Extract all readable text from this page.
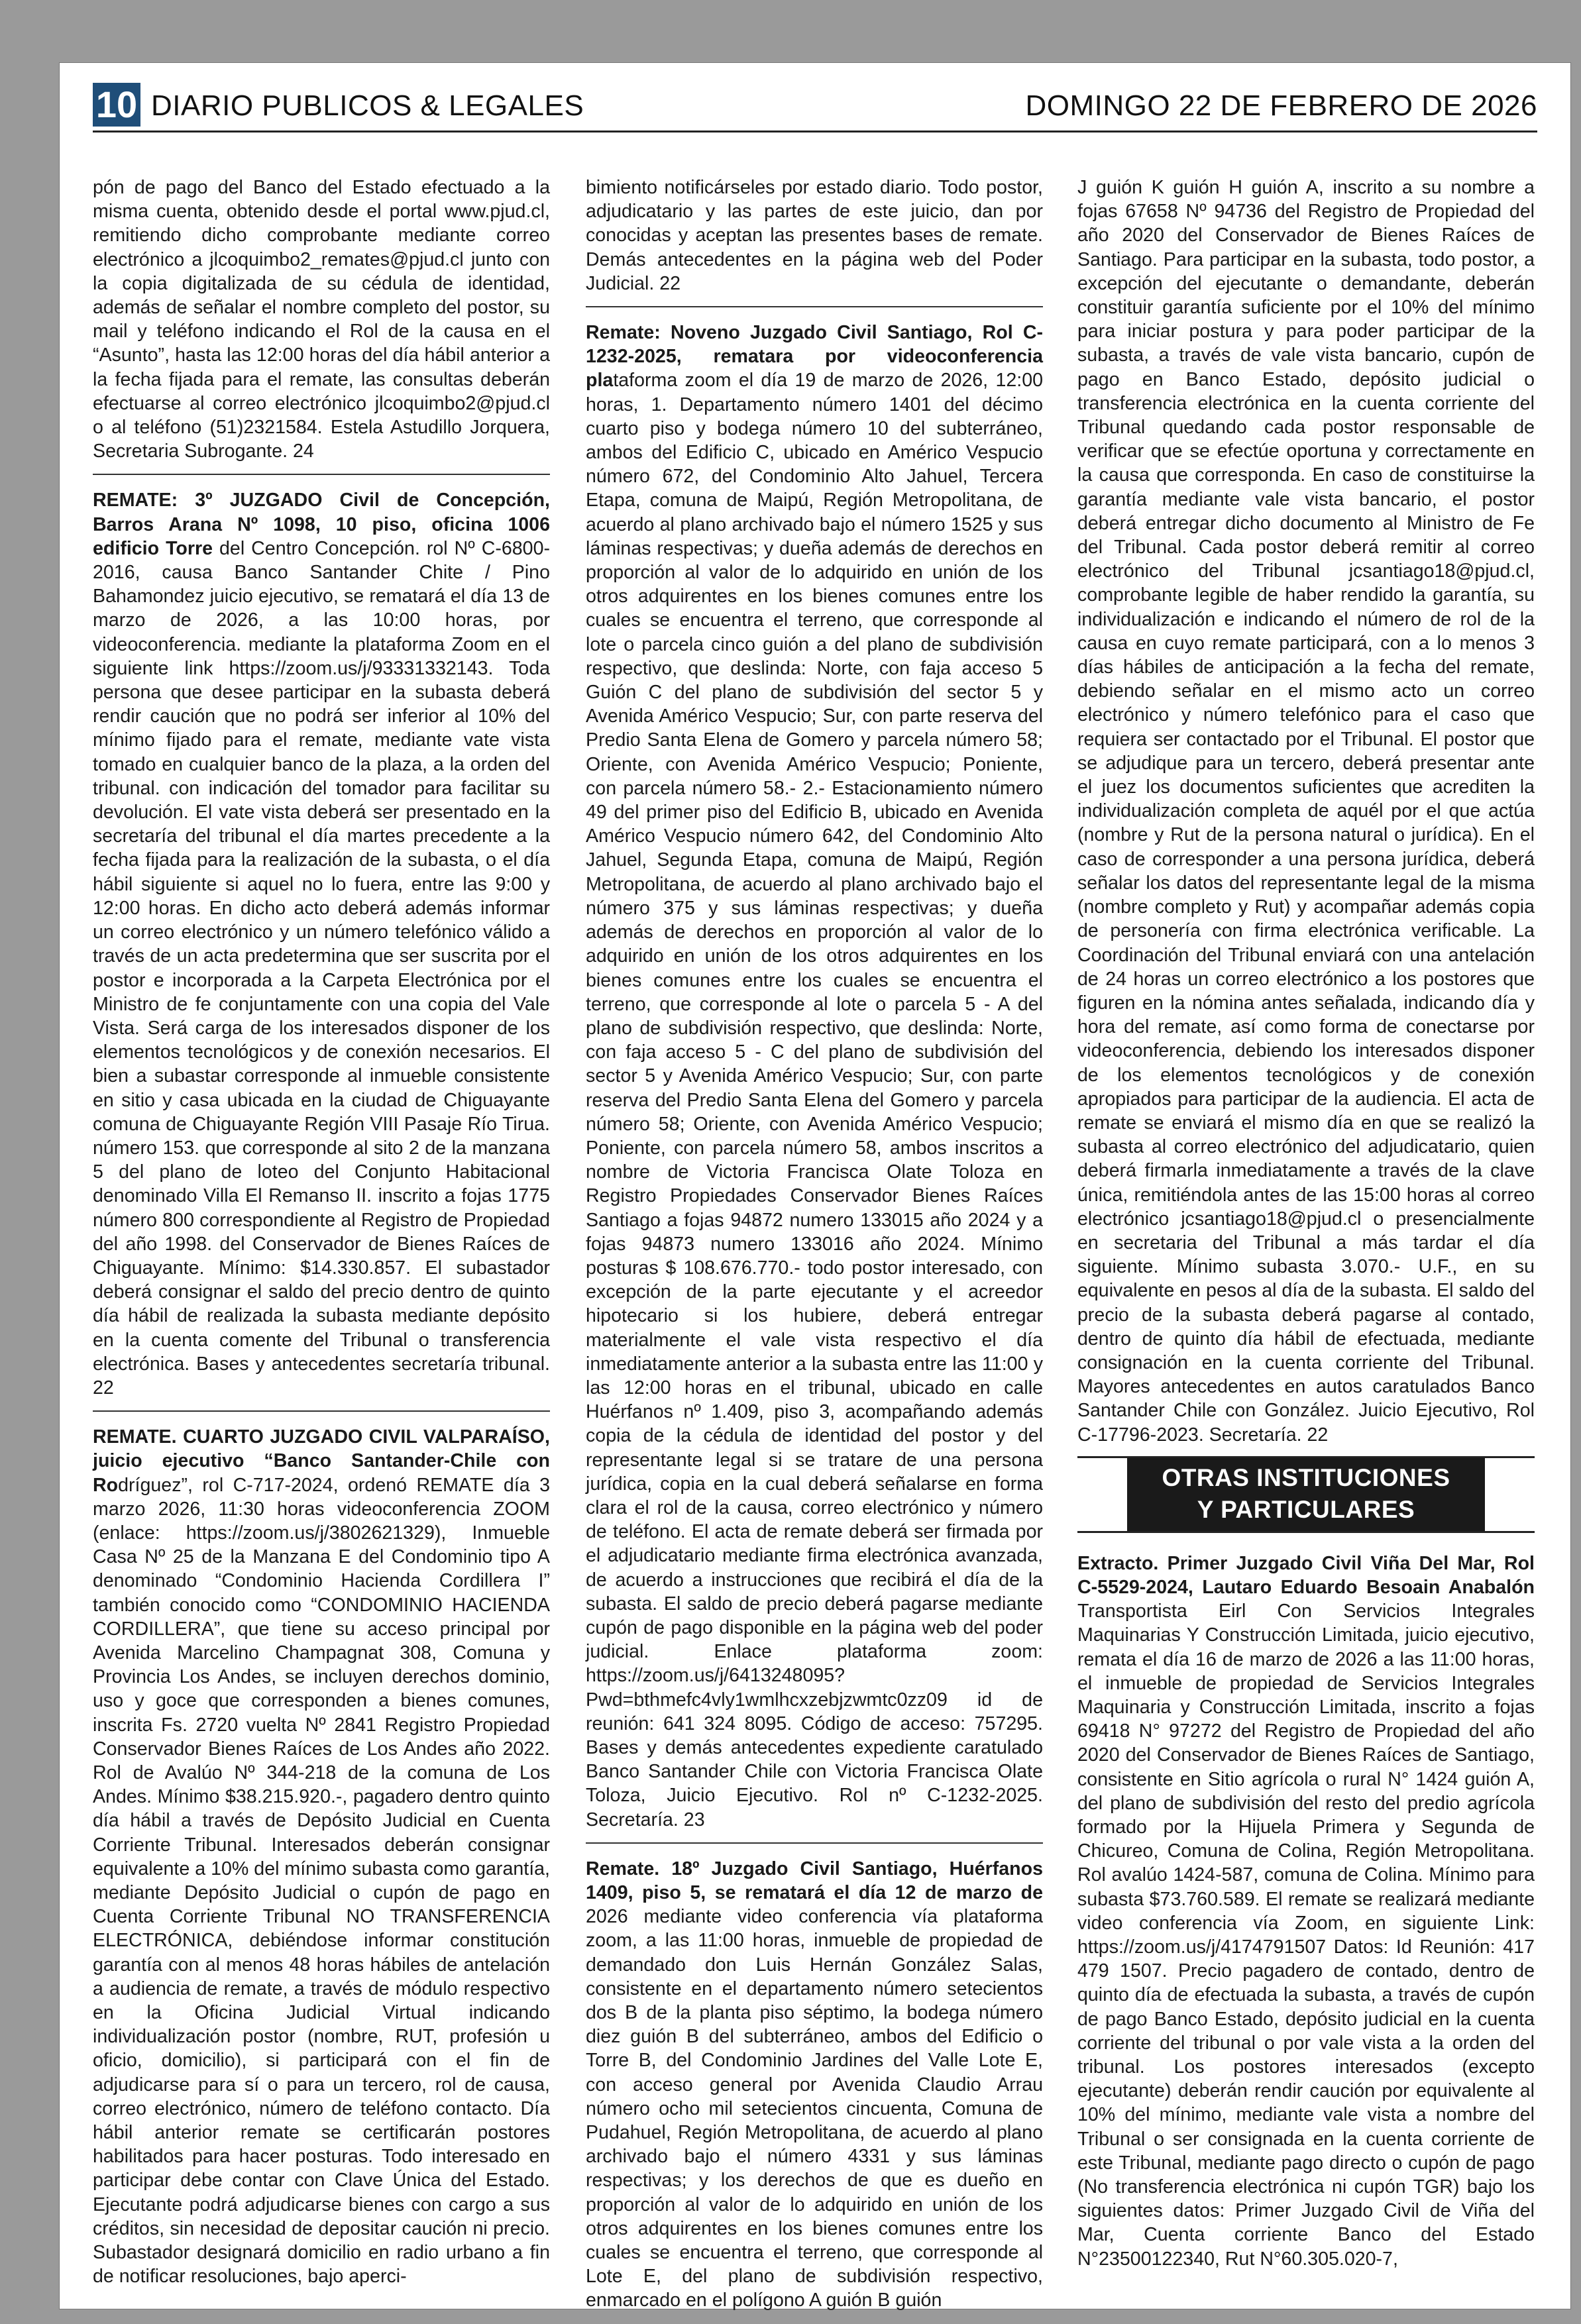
10 DIARIO PUBLICOS & LEGALES	DOMINGO 22 DE FEBRERO DE 2026

pón de pago del Banco del Estado efectuado a la misma cuenta, obtenido desde el portal www.pjud.cl, remitiendo dicho comprobante mediante correo electrónico a jlcoquimbo2_remates@pjud.cl junto con la copia digitalizada de su cédula de identidad, además de señalar el nombre completo del postor, su mail y teléfono indicando el Rol de la causa en el “Asunto”, hasta las 12:00 horas del día hábil anterior a la fecha fijada para el remate, las consultas deberán efectuarse al correo electrónico jlcoquimbo2@pjud.cl o al teléfono (51)2321584. Estela Astudillo Jorquera, Secretaria Subrogante. 24

REMATE: 3º JUZGADO Civil de Concepción, Barros Arana Nº 1098, 10 piso, oficina 1006 edificio Torre del Centro Concepción. rol Nº C-6800-2016, causa Banco Santander Chite / Pino Bahamondez juicio ejecutivo, se rematará el día 13 de marzo de 2026, a las 10:00 horas, por videoconferencia. mediante la plataforma Zoom en el siguiente link https://zoom.us/j/93331332143. Toda persona que desee participar en la subasta deberá rendir caución que no podrá ser inferior al 10% del mínimo fijado para el remate, mediante vate vista tomado en cualquier banco de la plaza, a la orden del tribunal. con indicación del tomador para facilitar su devolución. El vate vista deberá ser presentado en la secretaría del tribunal el día martes precedente a la fecha fijada para la realización de la subasta, o el día hábil siguiente si aquel no lo fuera, entre las 9:00 y 12:00 horas. En dicho acto deberá además informar un correo electrónico y un número telefónico válido a través de un acta predetermina que ser suscrita por el postor e incorporada a la Carpeta Electrónica por el Ministro de fe conjuntamente con una copia del Vale Vista. Será carga de los interesados disponer de los elementos tecnológicos y de conexión necesarios. El bien a subastar corresponde al inmueble consistente en sitio y casa ubicada en la ciudad de Chiguayante comuna de Chiguayante Región VIII Pasaje Río Tirua. número 153. que corresponde al sito 2 de la manzana 5 del plano de loteo del Conjunto Habitacional denominado Villa El Remanso II. inscrito a fojas 1775 número 800 correspondiente al Registro de Propiedad del año 1998. del Conservador de Bienes Raíces de Chiguayante. Mínimo: $14.330.857. El subastador deberá consignar el saldo del precio dentro de quinto día hábil de realizada la subasta mediante depósito en la cuenta comente del Tribunal o transferencia electrónica. Bases y antecedentes secretaría tribunal. 22

REMATE. CUARTO JUZGADO CIVIL VALPARAÍSO, juicio ejecutivo “Banco Santander-Chile con Rodríguez”, rol C-717-2024, ordenó REMATE día 3 marzo 2026, 11:30 horas videoconferencia ZOOM (enlace: https://zoom.us/j/3802621329), Inmueble Casa Nº 25 de la Manzana E del Condominio tipo A denominado “Condominio Hacienda Cordillera I” también conocido como “CONDOMINIO HACIENDA CORDILLERA”, que tiene su acceso principal por Avenida Marcelino Champagnat 308, Comuna y Provincia Los Andes, se incluyen derechos dominio, uso y goce que corresponden a bienes comunes, inscrita Fs. 2720 vuelta Nº 2841 Registro Propiedad Conservador Bienes Raíces de Los Andes año 2022. Rol de Avalúo Nº 344-218 de la comuna de Los Andes. Mínimo $38.215.920.-, pagadero dentro quinto día hábil a través de Depósito Judicial en Cuenta Corriente Tribunal. Interesados deberán consignar equivalente a 10% del mínimo subasta como garantía, mediante Depósito Judicial o cupón de pago en Cuenta Corriente Tribunal NO TRANSFERENCIA ELECTRÓNICA, debiéndose informar constitución garantía con al menos 48 horas hábiles de antelación a audiencia de remate, a través de módulo respectivo en la Oficina Judicial Virtual indicando individualización postor (nombre, RUT, profesión u oficio, domicilio), si participará con el fin de adjudicarse para sí o para un tercero, rol de causa, correo electrónico, número de teléfono contacto. Día hábil anterior remate se certificarán postores habilitados para hacer posturas. Todo interesado en participar debe contar con Clave Única del Estado. Ejecutante podrá adjudicarse bienes con cargo a sus créditos, sin necesidad de depositar caución ni precio. Subastador designará domicilio en radio urbano a fin de notificar resoluciones, bajo aperci-

bimiento notificárseles por estado diario. Todo postor, adjudicatario y las partes de este juicio, dan por conocidas y aceptan las presentes bases de remate. Demás antecedentes en la página web del Poder Judicial. 22

Remate: Noveno Juzgado Civil Santiago, Rol C-1232-2025, rematara por videoconferencia plataforma zoom el día 19 de marzo de 2026, 12:00 horas, 1. Departamento número 1401 del décimo cuarto piso y bodega número 10 del subterráneo, ambos del Edificio C, ubicado en Américo Vespucio número 672, del Condominio Alto Jahuel, Tercera Etapa, comuna de Maipú, Región Metropolitana, de acuerdo al plano archivado bajo el número 1525 y sus láminas respectivas; y dueña además de derechos en proporción al valor de lo adquirido en unión de los otros adquirentes en los bienes comunes entre los cuales se encuentra el terreno, que corresponde al lote o parcela cinco guión a del plano de subdivisión respectivo, que deslinda: Norte, con faja acceso 5 Guión C del plano de subdivisión del sector 5 y Avenida Américo Vespucio; Sur, con parte reserva del Predio Santa Elena de Gomero y parcela número 58; Oriente, con Avenida Américo Vespucio; Poniente, con parcela número 58.- 2.- Estacionamiento número 49 del primer piso del Edificio B, ubicado en Avenida Américo Vespucio número 642, del Condominio Alto Jahuel, Segunda Etapa, comuna de Maipú, Región Metropolitana, de acuerdo al plano archivado bajo el número 375 y sus láminas respectivas; y dueña además de derechos en proporción al valor de lo adquirido en unión de los otros adquirentes en los bienes comunes entre los cuales se encuentra el terreno, que corresponde al lote o parcela 5 - A del plano de subdivisión respectivo, que deslinda: Norte, con faja acceso 5 - C del plano de subdivisión del sector 5 y Avenida Américo Vespucio; Sur, con parte reserva del Predio Santa Elena del Gomero y parcela número 58; Oriente, con Avenida Américo Vespucio; Poniente, con parcela número 58, ambos inscritos a nombre de Victoria Francisca Olate Toloza en Registro Propiedades Conservador Bienes Raíces Santiago a fojas 94872 numero 133015 año 2024 y a fojas 94873 numero 133016 año 2024. Mínimo posturas $ 108.676.770.- todo postor interesado, con excepción de la parte ejecutante y el acreedor hipotecario si los hubiere, deberá entregar materialmente el vale vista respectivo el día inmediatamente anterior a la subasta entre las 11:00 y las 12:00 horas en el tribunal, ubicado en calle Huérfanos nº 1.409, piso 3, acompañando además copia de la cédula de identidad del postor y del representante legal si se tratare de una persona jurídica, copia en la cual deberá señalarse en forma clara el rol de la causa, correo electrónico y número de teléfono. El acta de remate deberá ser firmada por el adjudicatario mediante firma electrónica avanzada, de acuerdo a instrucciones que recibirá el día de la subasta. El saldo de precio deberá pagarse mediante cupón de pago disponible en la página web del poder judicial. Enlace plataforma zoom: https://zoom.us/j/6413248095?Pwd=bthmefc4vly1wmlhcxzebjzwmtc0zz09 id de reunión: 641 324 8095. Código de acceso: 757295. Bases y demás antecedentes expediente caratulado Banco Santander Chile con Victoria Francisca Olate Toloza, Juicio Ejecutivo. Rol nº C-1232-2025. Secretaría. 23

Remate. 18º Juzgado Civil Santiago, Huérfanos 1409, piso 5, se rematará el día 12 de marzo de 2026 mediante video conferencia vía plataforma zoom, a las 11:00 horas, inmueble de propiedad de demandado don Luis Hernán González Salas, consistente en el departamento número setecientos dos B de la planta piso séptimo, la bodega número diez guión B del subterráneo, ambos del Edificio o Torre B, del Condominio Jardines del Valle Lote E, con acceso general por Avenida Claudio Arrau número ocho mil setecientos cincuenta, Comuna de Pudahuel, Región Metropolitana, de acuerdo al plano archivado bajo el número 4331 y sus láminas respectivas; y los derechos de que es dueño en proporción al valor de lo adquirido en unión de los otros adquirentes en los bienes comunes entre los cuales se encuentra el terreno, que corresponde al Lote E, del plano de subdivisión respectivo, enmarcado en el polígono A guión B guión

J guión K guión H guión A, inscrito a su nombre a fojas 67658 Nº 94736 del Registro de Propiedad del año 2020 del Conservador de Bienes Raíces de Santiago. Para participar en la subasta, todo postor, a excepción del ejecutante o demandante, deberán constituir garantía suficiente por el 10% del mínimo para iniciar postura y para poder participar de la subasta, a través de vale vista bancario, cupón de pago en Banco Estado, depósito judicial o transferencia electrónica en la cuenta corriente del Tribunal quedando cada postor responsable de verificar que se efectúe oportuna y correctamente en la causa que corresponda. En caso de constituirse la garantía mediante vale vista bancario, el postor deberá entregar dicho documento al Ministro de Fe del Tribunal. Cada postor deberá remitir al correo electrónico del Tribunal jcsantiago18@pjud.cl, comprobante legible de haber rendido la garantía, su individualización e indicando el número de rol de la causa en cuyo remate participará, con a lo menos 3 días hábiles de anticipación a la fecha del remate, debiendo señalar en el mismo acto un correo electrónico y número telefónico para el caso que requiera ser contactado por el Tribunal. El postor que se adjudique para un tercero, deberá presentar ante el juez los documentos suficientes que acrediten la individualización completa de aquél por el que actúa (nombre y Rut de la persona natural o jurídica). En el caso de corresponder a una persona jurídica, deberá señalar los datos del representante legal de la misma (nombre completo y Rut) y acompañar además copia de personería con firma electrónica verificable. La Coordinación del Tribunal enviará con una antelación de 24 horas un correo electrónico a los postores que figuren en la nómina antes señalada, indicando día y hora del remate, así como forma de conectarse por videoconferencia, debiendo los interesados disponer de los elementos tecnológicos y de conexión apropiados para participar de la audiencia. El acta de remate se enviará el mismo día en que se realizó la subasta al correo electrónico del adjudicatario, quien deberá firmarla inmediatamente a través de la clave única, remitiéndola antes de las 15:00 horas al correo electrónico jcsantiago18@pjud.cl o presencialmente en secretaria del Tribunal a más tardar el día siguiente. Mínimo subasta 3.070.- U.F., en su equivalente en pesos al día de la subasta. El saldo del precio de la subasta deberá pagarse al contado, dentro de quinto día hábil de efectuada, mediante consignación en la cuenta corriente del Tribunal. Mayores antecedentes en autos caratulados Banco Santander Chile con González. Juicio Ejecutivo, Rol C-17796-2023. Secretaría. 22

OTRAS INSTITUCIONES
Y PARTICULARES

Extracto. Primer Juzgado Civil Viña Del Mar, Rol C-5529-2024, Lautaro Eduardo Besoain Anabalón Transportista Eirl Con Servicios Integrales Maquinarias Y Construcción Limitada, juicio ejecutivo, remata el día 16 de marzo de 2026 a las 11:00 horas, el inmueble de propiedad de Servicios Integrales Maquinaria y Construcción Limitada, inscrito a fojas 69418 N° 97272 del Registro de Propiedad del año 2020 del Conservador de Bienes Raíces de Santiago, consistente en Sitio agrícola o rural N° 1424 guión A, del plano de subdivisión del resto del predio agrícola formado por la Hijuela Primera y Segunda de Chicureo, Comuna de Colina, Región Metropolitana. Rol avalúo 1424-587, comuna de Colina. Mínimo para subasta $73.760.589. El remate se realizará mediante video conferencia vía Zoom, en siguiente Link: https://zoom.us/j/4174791507 Datos: Id Reunión: 417 479 1507. Precio pagadero de contado, dentro de quinto día de efectuada la subasta, a través de cupón de pago Banco Estado, depósito judicial en la cuenta corriente del tribunal o por vale vista a la orden del tribunal. Los postores interesados (excepto ejecutante) deberán rendir caución por equivalente al 10% del mínimo, mediante vale vista a nombre del Tribunal o ser consignada en la cuenta corriente de este Tribunal, mediante pago directo o cupón de pago (No transferencia electrónica ni cupón TGR) bajo los siguientes datos: Primer Juzgado Civil de Viña del Mar, Cuenta corriente Banco del Estado N°23500122340, Rut N°60.305.020-7,
